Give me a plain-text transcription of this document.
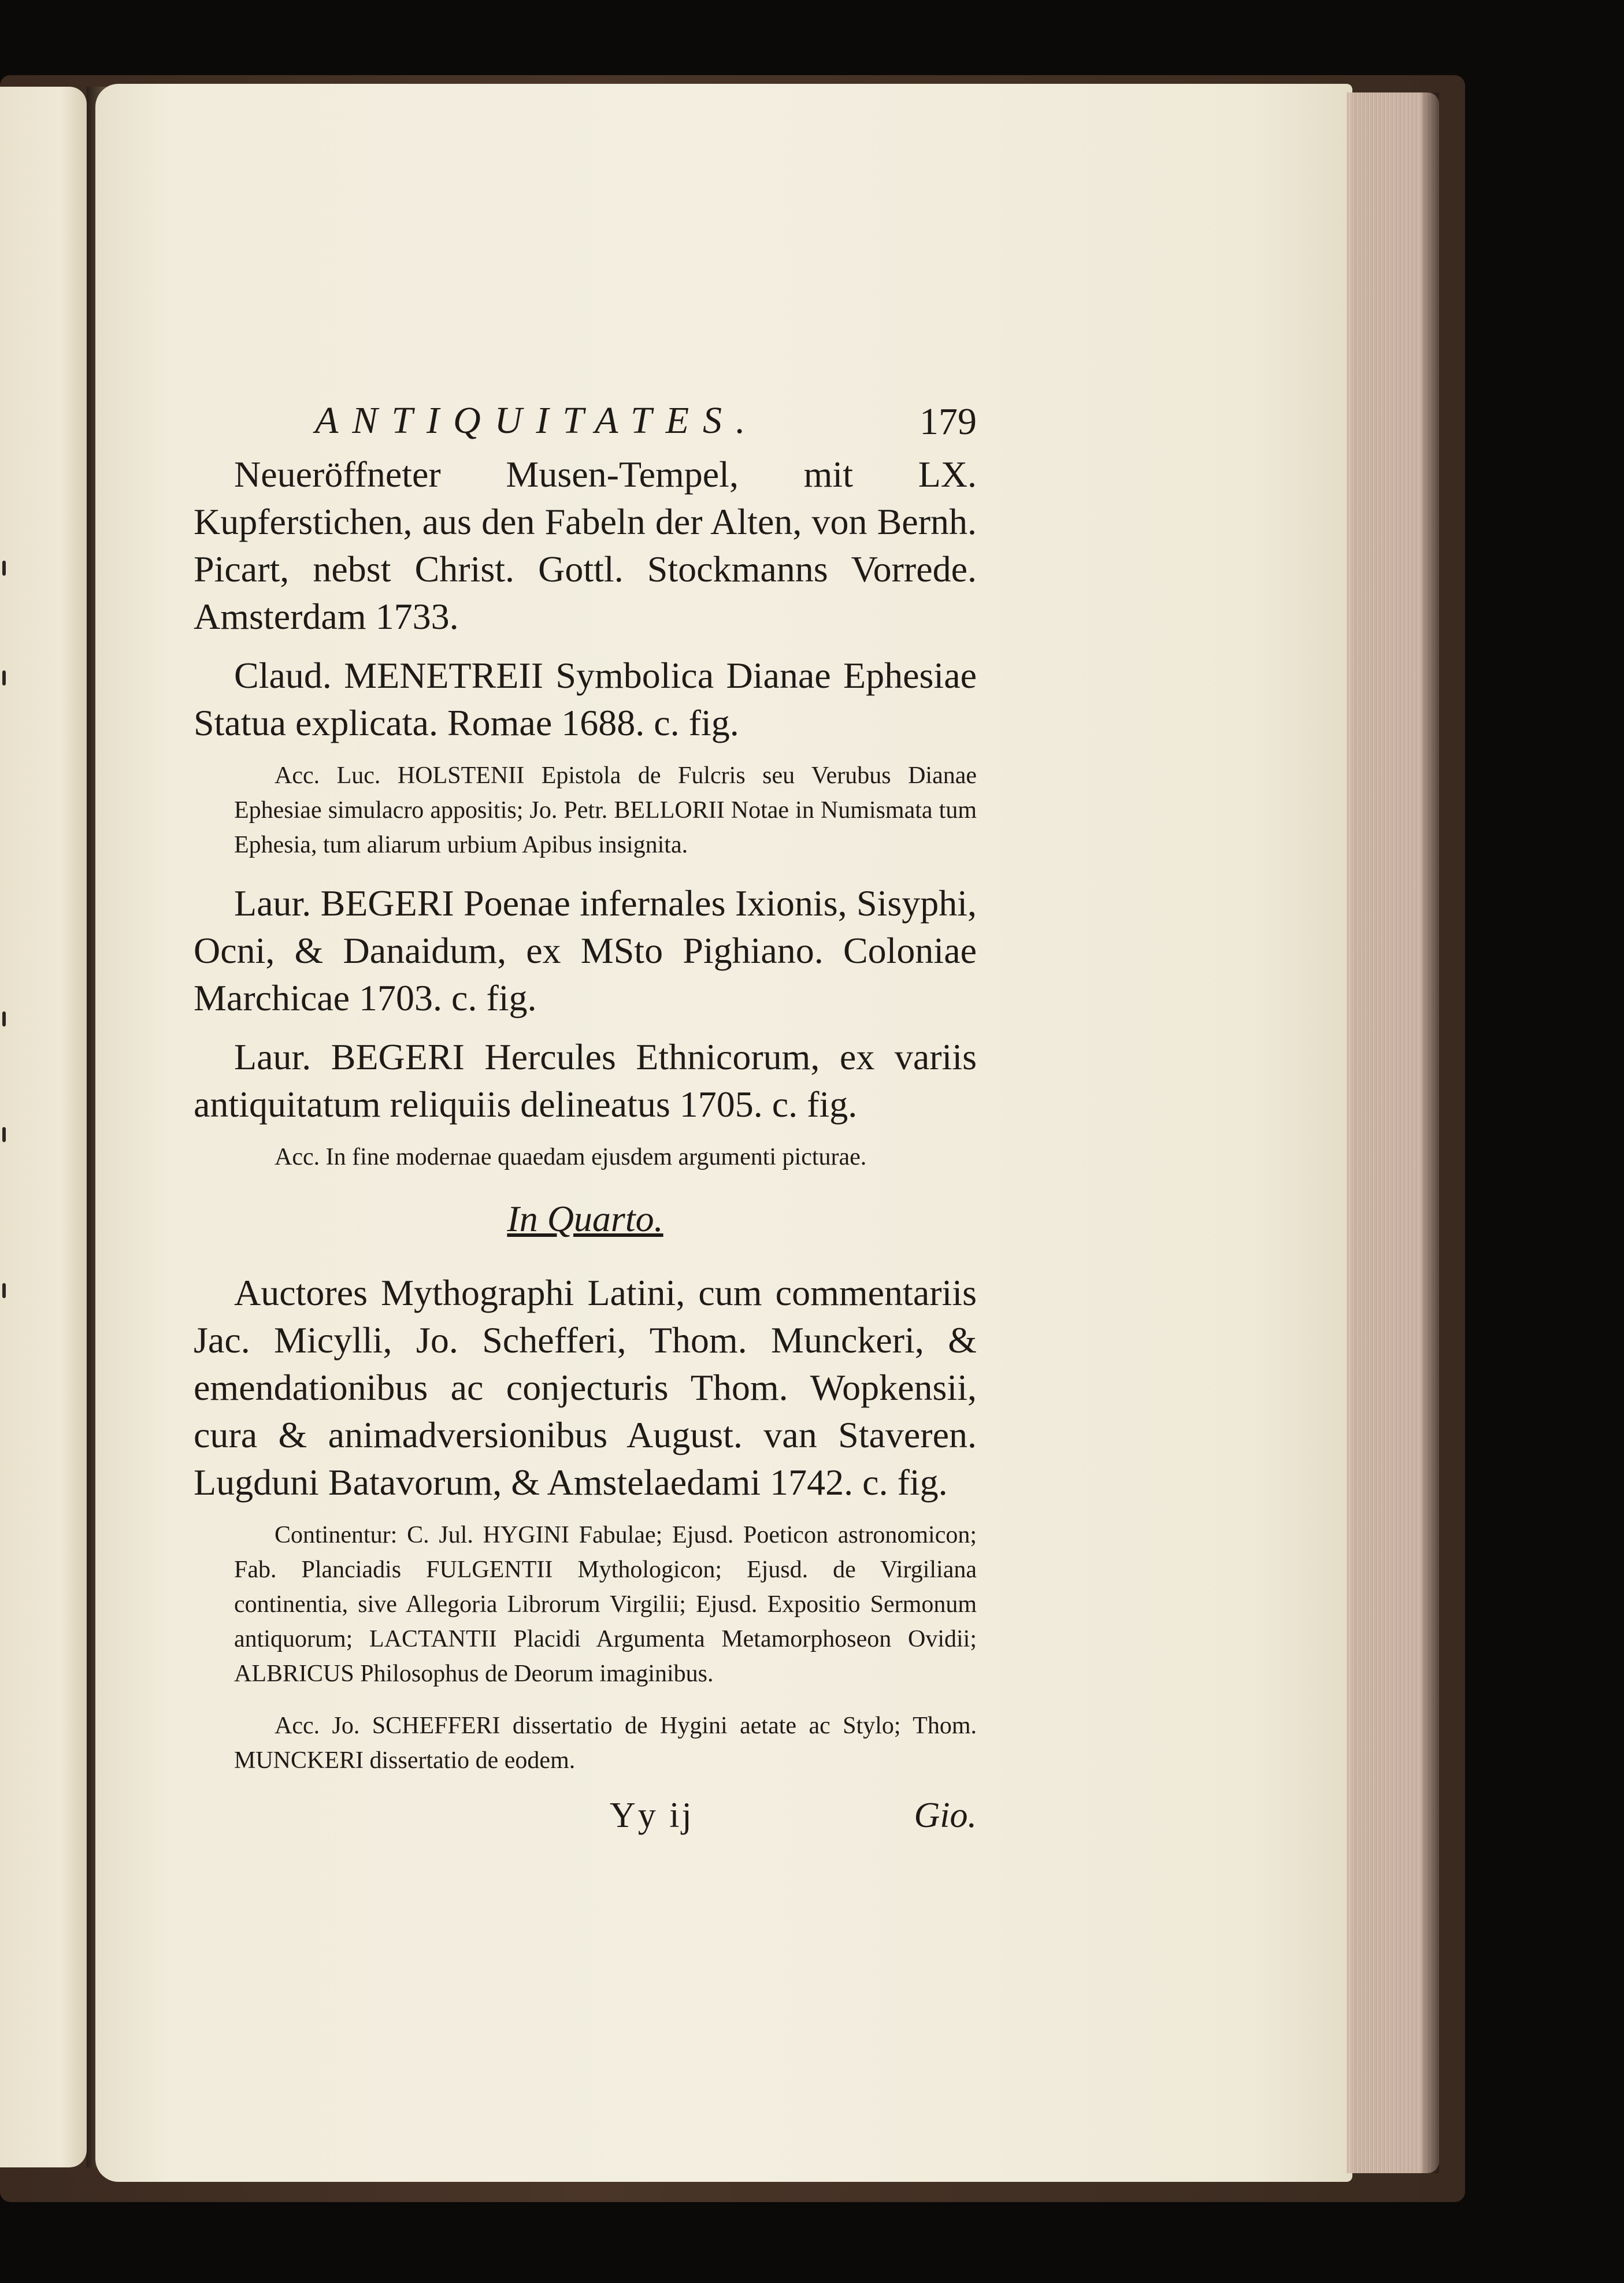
ANTIQUITATES.	179

Neueröffneter Musen-Tempel, mit LX. Kupferstichen, aus den Fabeln der Alten, von Bernh. Picart, nebst Christ. Gottl. Stockmanns Vorrede. Amsterdam 1733.

Claud. MENETREII Symbolica Dianae Ephesiae Statua explicata. Romae 1688. c. fig.

Acc. Luc. HOLSTENII Epistola de Fulcris seu Verubus Dianae Ephesiae simulacro appositis; Jo. Petr. BELLORII Notae in Numismata tum Ephesia, tum aliarum urbium Apibus insignita.

Laur. BEGERI Poenae infernales Ixionis, Sisyphi, Ocni, & Danaidum, ex MSto Pighiano. Coloniae Marchicae 1703. c. fig.

Laur. BEGERI Hercules Ethnicorum, ex variis antiquitatum reliquiis delineatus 1705. c. fig.

Acc. In fine modernae quaedam ejusdem argumenti picturae.

In Quarto.

Auctores Mythographi Latini, cum commentariis Jac. Micylli, Jo. Schefferi, Thom. Munckeri, & emendationibus ac conjecturis Thom. Wopkensii, cura & animadversionibus August. van Staveren. Lugduni Batavorum, & Amstelaedami 1742. c. fig.

Continentur: C. Jul. HYGINI Fabulae; Ejusd. Poeticon astronomicon; Fab. Planciadis FULGENTII Mythologicon; Ejusd. de Virgiliana continentia, sive Allegoria Librorum Virgilii; Ejusd. Expositio Sermonum antiquorum; LACTANTII Placidi Argumenta Metamorphoseon Ovidii; ALBRICUS Philosophus de Deorum imaginibus.

Acc. Jo. SCHEFFERI dissertatio de Hygini aetate ac Stylo; Thom. MUNCKERI dissertatio de eodem.

Yy ij	Gio.
